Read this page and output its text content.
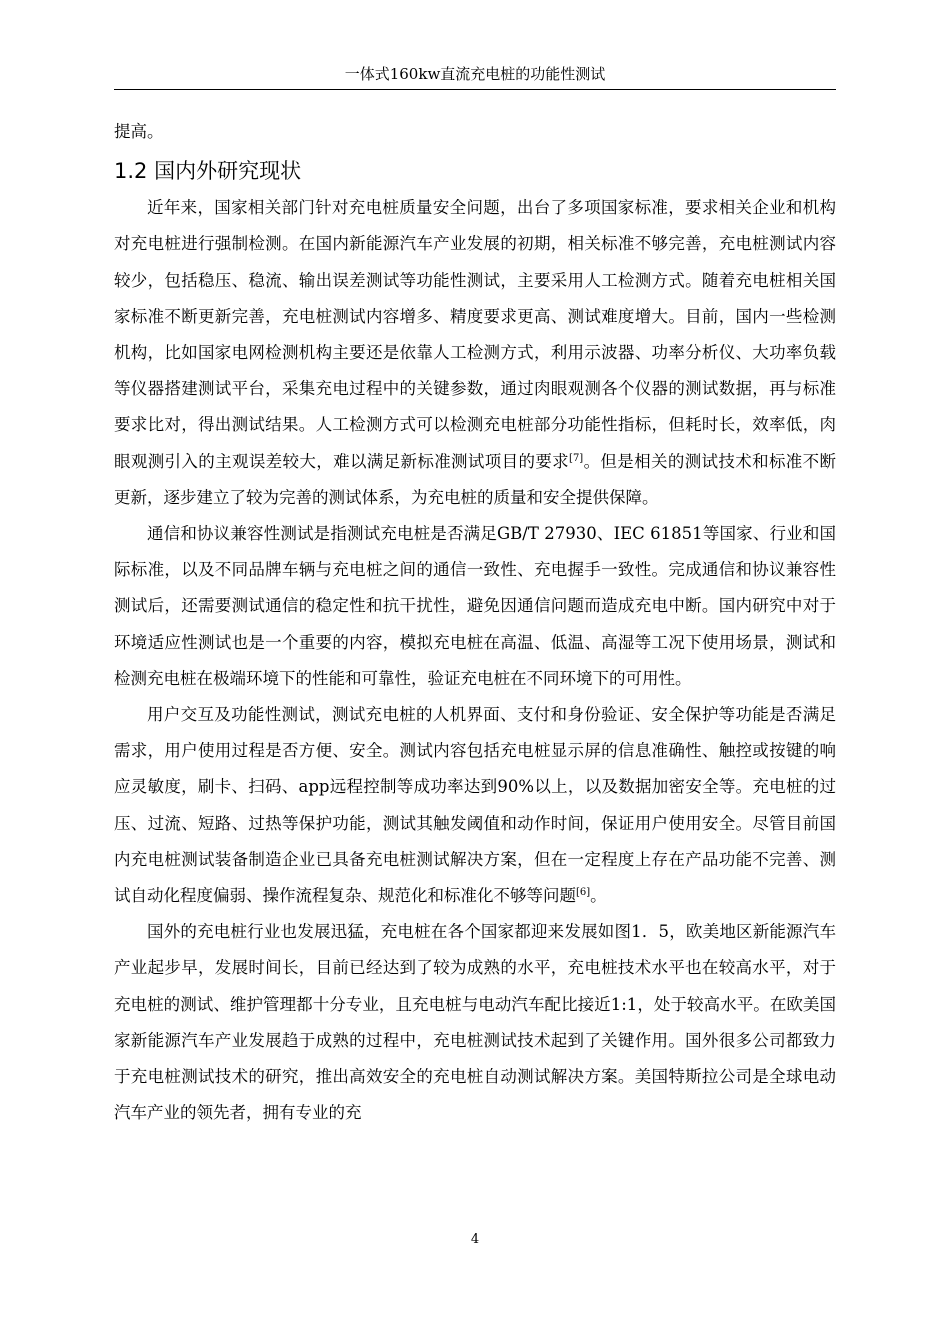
一体式160kw直流充电桩的功能性测试

提高。

1.2 国内外研究现状

近年来，国家相关部门针对充电桩质量安全问题，出台了多项国家标准，要求相关企业和机构对充电桩进行强制检测。在国内新能源汽车产业发展的初期，相关标准不够完善，充电桩测试内容较少，包括稳压、稳流、输出误差测试等功能性测试，主要采用人工检测方式。随着充电桩相关国家标准不断更新完善，充电桩测试内容增多、精度要求更高、测试难度增大。目前，国内一些检测机构，比如国家电网检测机构主要还是依靠人工检测方式，利用示波器、功率分析仪、大功率负载等仪器搭建测试平台，采集充电过程中的关键参数，通过肉眼观测各个仪器的测试数据，再与标准要求比对，得出测试结果。人工检测方式可以检测充电桩部分功能性指标，但耗时长，效率低，肉眼观测引入的主观误差较大，难以满足新标准测试项目的要求[7]。但是相关的测试技术和标准不断更新，逐步建立了较为完善的测试体系，为充电桩的质量和安全提供保障。

通信和协议兼容性测试是指测试充电桩是否满足GB/T 27930、IEC 61851等国家、行业和国际标准，以及不同品牌车辆与充电桩之间的通信一致性、充电握手一致性。完成通信和协议兼容性测试后，还需要测试通信的稳定性和抗干扰性，避免因通信问题而造成充电中断。国内研究中对于环境适应性测试也是一个重要的内容，模拟充电桩在高温、低温、高湿等工况下使用场景，测试和检测充电桩在极端环境下的性能和可靠性，验证充电桩在不同环境下的可用性。

用户交互及功能性测试，测试充电桩的人机界面、支付和身份验证、安全保护等功能是否满足需求，用户使用过程是否方便、安全。测试内容包括充电桩显示屏的信息准确性、触控或按键的响应灵敏度，刷卡、扫码、app远程控制等成功率达到90%以上，以及数据加密安全等。充电桩的过压、过流、短路、过热等保护功能，测试其触发阈值和动作时间，保证用户使用安全。尽管目前国内充电桩测试装备制造企业已具备充电桩测试解决方案，但在一定程度上存在产品功能不完善、测试自动化程度偏弱、操作流程复杂、规范化和标准化不够等问题[6]。

国外的充电桩行业也发展迅猛，充电桩在各个国家都迎来发展如图1．5，欧美地区新能源汽车产业起步早，发展时间长，目前已经达到了较为成熟的水平，充电桩技术水平也在较高水平，对于充电桩的测试、维护管理都十分专业，且充电桩与电动汽车配比接近1:1，处于较高水平。在欧美国家新能源汽车产业发展趋于成熟的过程中，充电桩测试技术起到了关键作用。国外很多公司都致力于充电桩测试技术的研究，推出高效安全的充电桩自动测试解决方案。美国特斯拉公司是全球电动汽车产业的领先者，拥有专业的充

4
